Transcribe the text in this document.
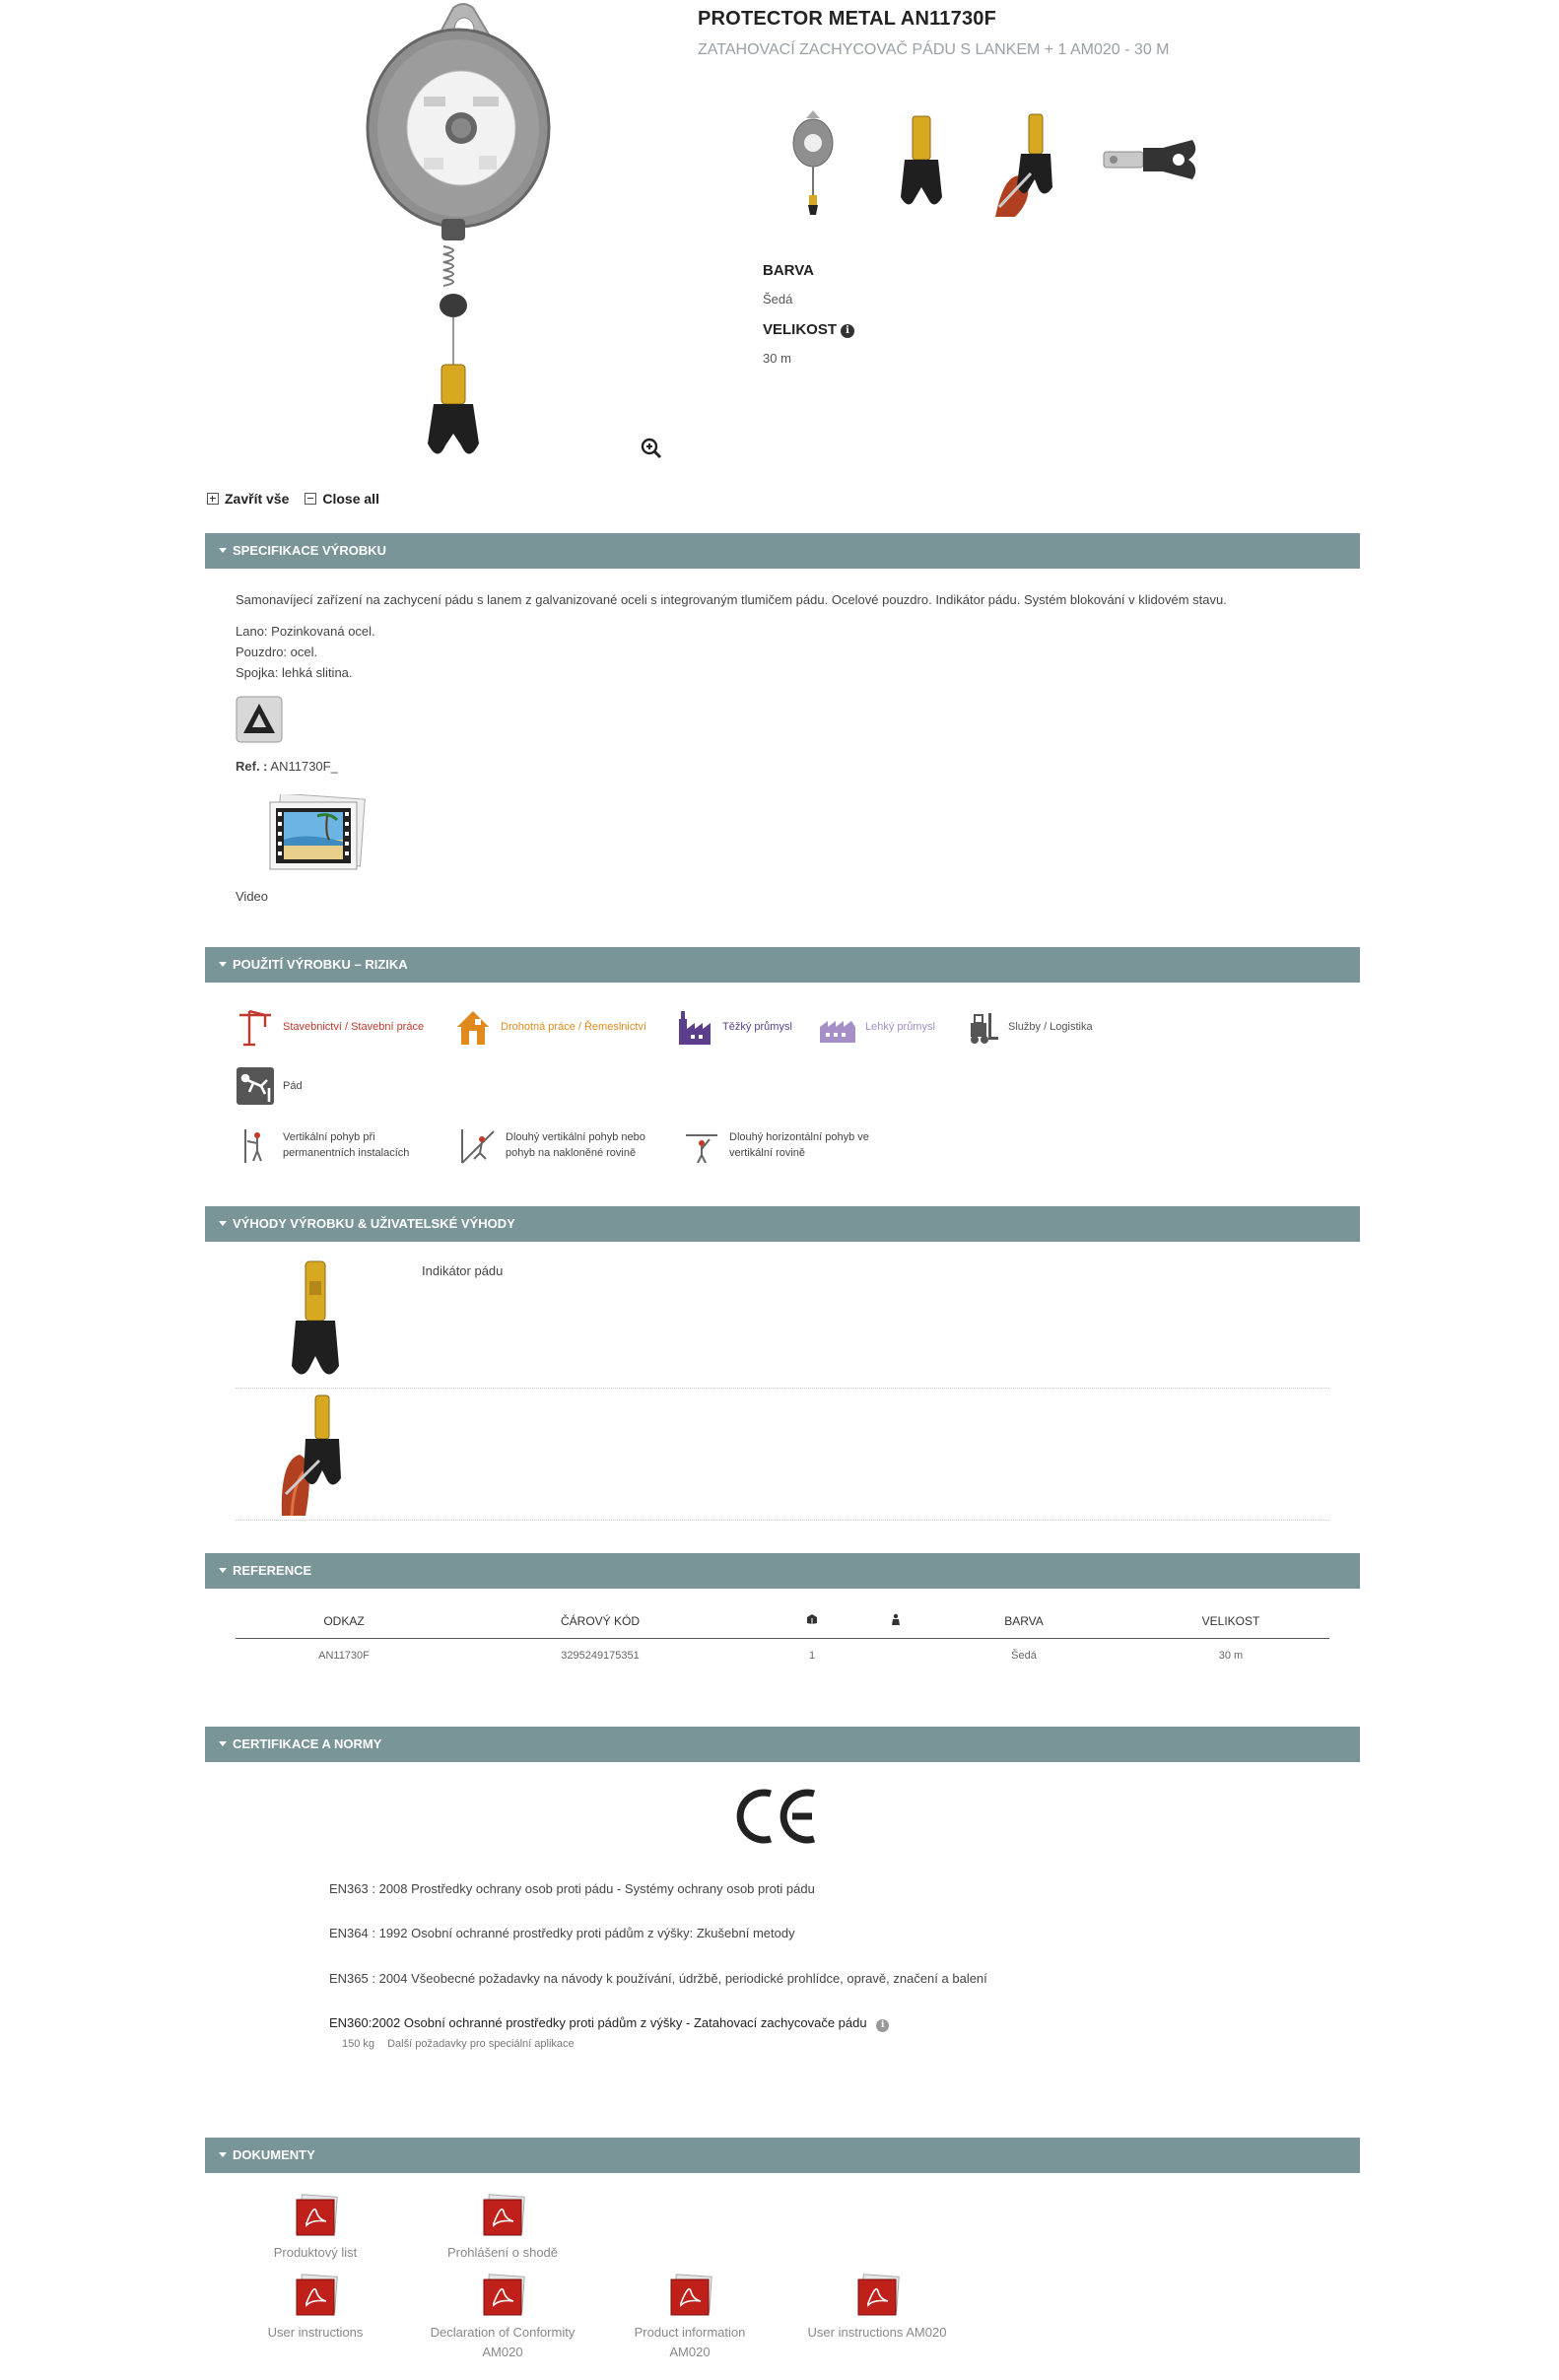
PROTECTOR METAL AN11730F
ZATAHOVACÍ ZACHYCOVAČ PÁDU S LANKEM + 1 AM020 - 30 M
BARVA
Šedá
VELIKOST i
30 m
Zavřít vše Close all
SPECIFIKACE VÝROBKU
Samonavíjecí zařízení na zachycení pádu s lanem z galvanizované oceli s integrovaným tlumičem pádu. Ocelové pouzdro. Indikátor pádu. Systém blokování v klidovém stavu.
Lano: Pozinkovaná ocel.
Pouzdro: ocel.
Spojka: lehká slitina.
Ref. : AN11730F_
Video
POUŽITÍ VÝROBKU – RIZIKA
Stavebnictví / Stavební práce	Drohotná práce / Řemeslnictví	Těžký průmysl	Lehký průmysl	Služby / Logistika
Pád
Vertikální pohyb při
permanentních instalacích
Dlouhý vertikální pohyb nebo
pohyb na nakloněné rovině
Dlouhý horizontální pohyb ve
vertikální rovině
VÝHODY VÝROBKU & UŽIVATELSKÉ VÝHODY
Indikátor pádu
REFERENCE
ODKAZ	ČÁROVÝ KÓD			BARVA	VELIKOST
AN11730F	3295249175351	1		Šedá	30 m
CERTIFIKACE A NORMY
CE
EN363 : 2008 Prostředky ochrany osob proti pádu - Systémy ochrany osob proti pádu
EN364 : 1992 Osobní ochranné prostředky proti pádům z výšky: Zkušební metody
EN365 : 2004 Všeobecné požadavky na návody k používání, údržbě, periodické prohlídce, opravě, značení a balení
EN360:2002 Osobní ochranné prostředky proti pádům z výšky - Zatahovací zachycovače pádu i
150 kg Další požadavky pro speciální aplikace
DOKUMENTY
Produktový list	Prohlášení o shodě
User instructions	Declaration of Conformity
AM020
Product information
AM020
User instructions AM020
